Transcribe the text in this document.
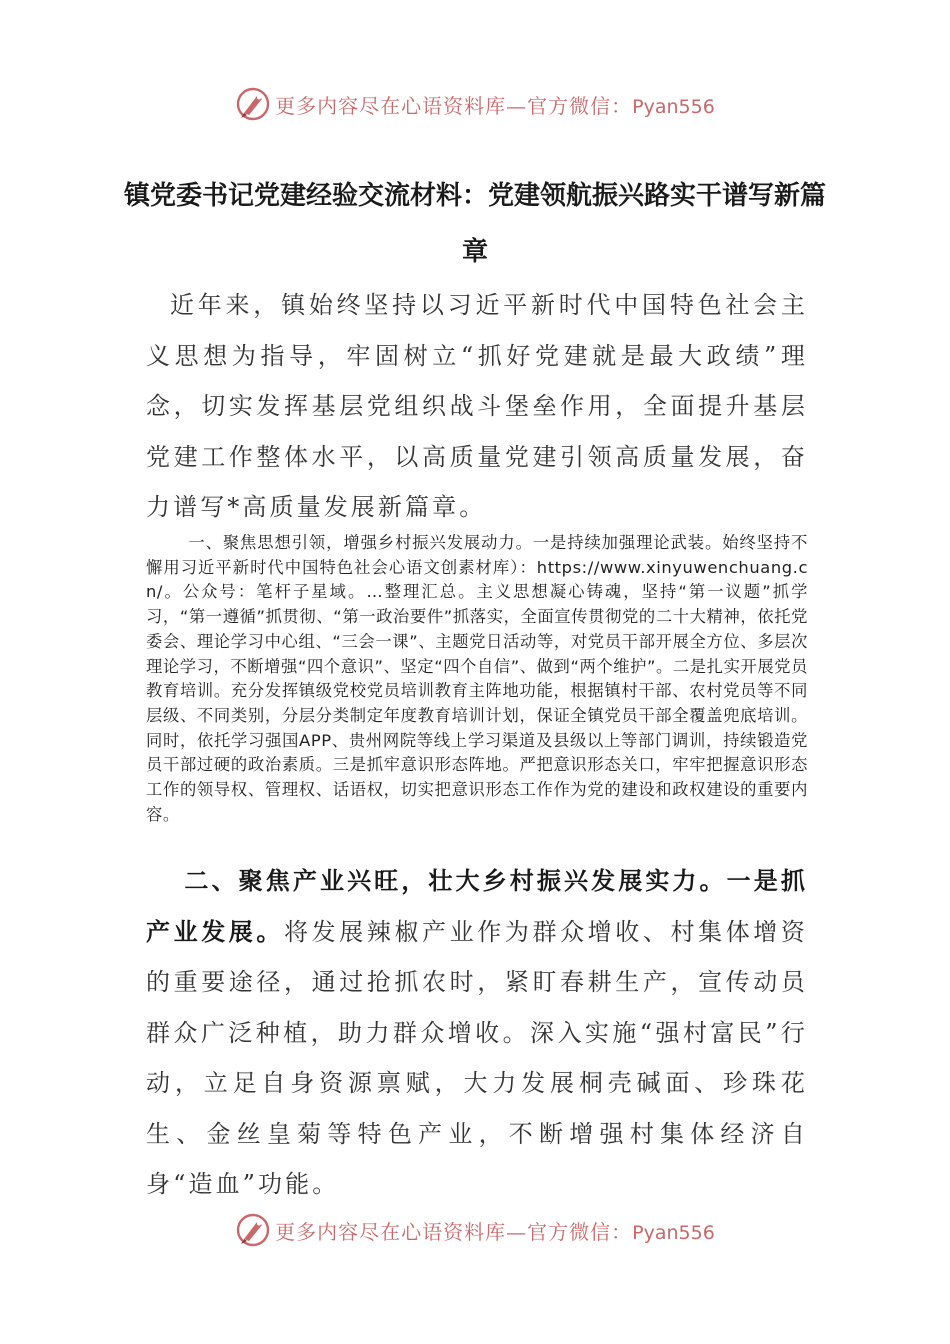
更多内容尽在心语资料库—官方微信：Pyan556
镇党委书记党建经验交流材料：党建领航振兴路实干谱写新篇章

近年来，镇始终坚持以习近平新时代中国特色社会主义思想为指导，牢固树立“抓好党建就是最大政绩”理念，切实发挥基层党组织战斗堡垒作用，全面提升基层党建工作整体水平，以高质量党建引领高质量发展，奋力谱写*高质量发展新篇章。

一、聚焦思想引领，增强乡村振兴发展动力。一是持续加强理论武装。始终坚持不懈用习近平新时代中国特色社会心语文创素材库）：https://www.xinyuwenchuang.cn/。公众号：笔杆子星域。…整理汇总。主义思想凝心铸魂，坚持“第一议题”抓学习，“第一遵循”抓贯彻、“第一政治要件”抓落实，全面宣传贯彻党的二十大精神，依托党委会、理论学习中心组、“三会一课”、主题党日活动等，对党员干部开展全方位、多层次理论学习，不断增强“四个意识”、坚定“四个自信”、做到“两个维护”。二是扎实开展党员教育培训。充分发挥镇级党校党员培训教育主阵地功能，根据镇村干部、农村党员等不同层级、不同类别，分层分类制定年度教育培训计划，保证全镇党员干部全覆盖兜底培训。同时，依托学习强国APP、贵州网院等线上学习渠道及县级以上等部门调训，持续锻造党员干部过硬的政治素质。三是抓牢意识形态阵地。严把意识形态关口，牢牢把握意识形态工作的领导权、管理权、话语权，切实把意识形态工作作为党的建设和政权建设的重要内容。

二、聚焦产业兴旺，壮大乡村振兴发展实力。一是抓产业发展。将发展辣椒产业作为群众增收、村集体增资的重要途径，通过抢抓农时，紧盯春耕生产，宣传动员群众广泛种植，助力群众增收。深入实施“强村富民”行动，立足自身资源禀赋，大力发展桐壳碱面、珍珠花生、金丝皇菊等特色产业，不断增强村集体经济自身“造血”功能。

更多内容尽在心语资料库—官方微信：Pyan556
